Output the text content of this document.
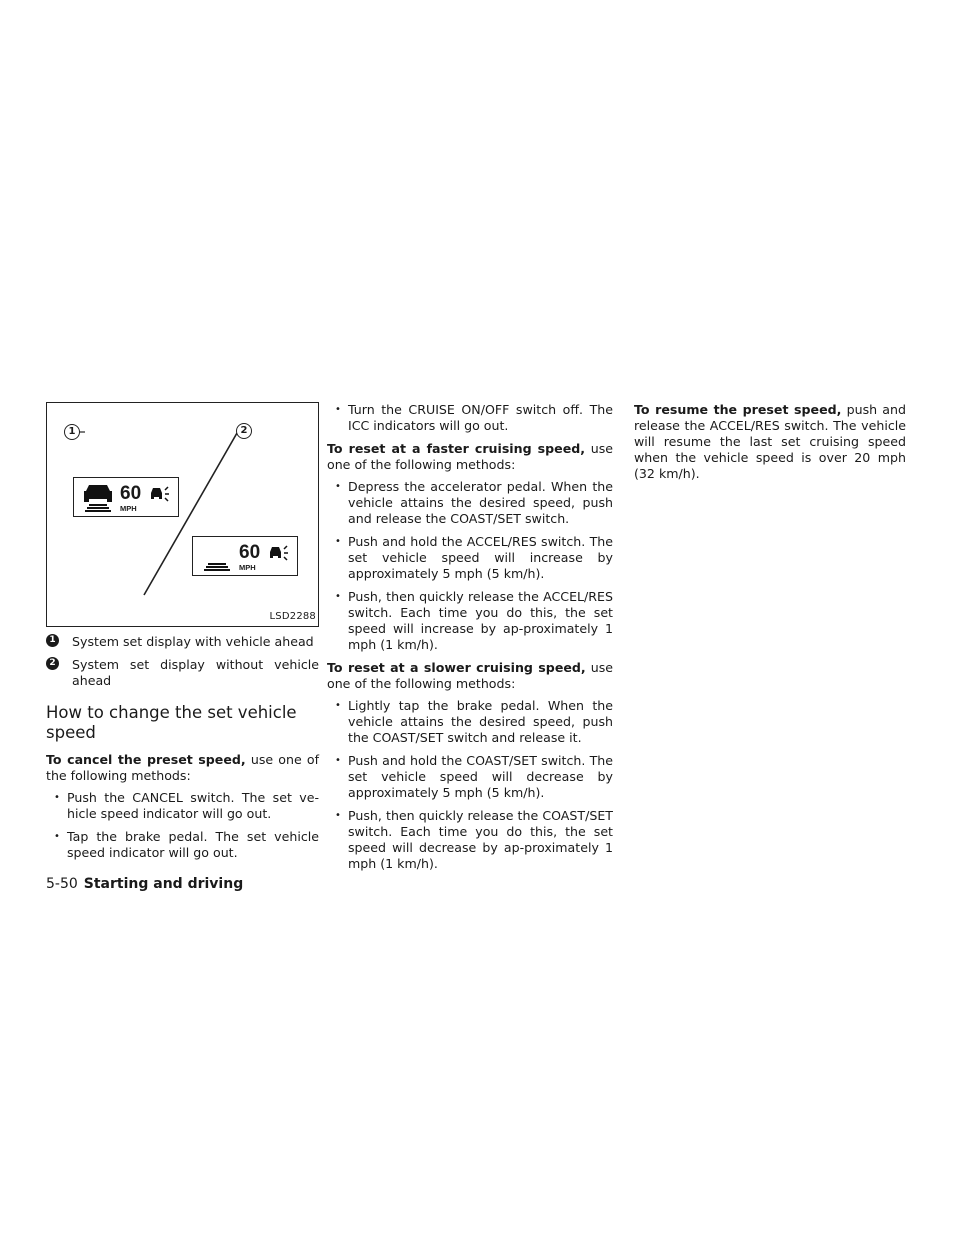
1	2
60
MPH
60
MPH
LSD2288
1 System set display with vehicle ahead
2 System set display without vehicle ahead
How to change the set vehicle speed

To cancel the preset speed, use one of the following methods:

• Push the CANCEL switch. The set ve-hicle speed indicator will go out.
• Tap the brake pedal. The set vehicle speed indicator will go out.
• Turn the CRUISE ON/OFF switch off. The ICC indicators will go out.

To reset at a faster cruising speed, use one of the following methods:

• Depress the accelerator pedal. When the vehicle attains the desired speed, push and release the COAST/SET switch.
• Push and hold the ACCEL/RES switch. The set vehicle speed will increase by approximately 5 mph (5 km/h).
• Push, then quickly release the ACCEL/RES switch. Each time you do this, the set speed will increase by ap-proximately 1 mph (1 km/h).

To reset at a slower cruising speed, use one of the following methods:

• Lightly tap the brake pedal. When the vehicle attains the desired speed, push the COAST/SET switch and release it.
• Push and hold the COAST/SET switch. The set vehicle speed will decrease by approximately 5 mph (5 km/h).
• Push, then quickly release the COAST/SET switch. Each time you do this, the set speed will decrease by ap-proximately 1 mph (1 km/h).

To resume the preset speed, push and release the ACCEL/RES switch. The vehicle will resume the last set cruising speed when the vehicle speed is over 20 mph (32 km/h).

5-50 Starting and driving
